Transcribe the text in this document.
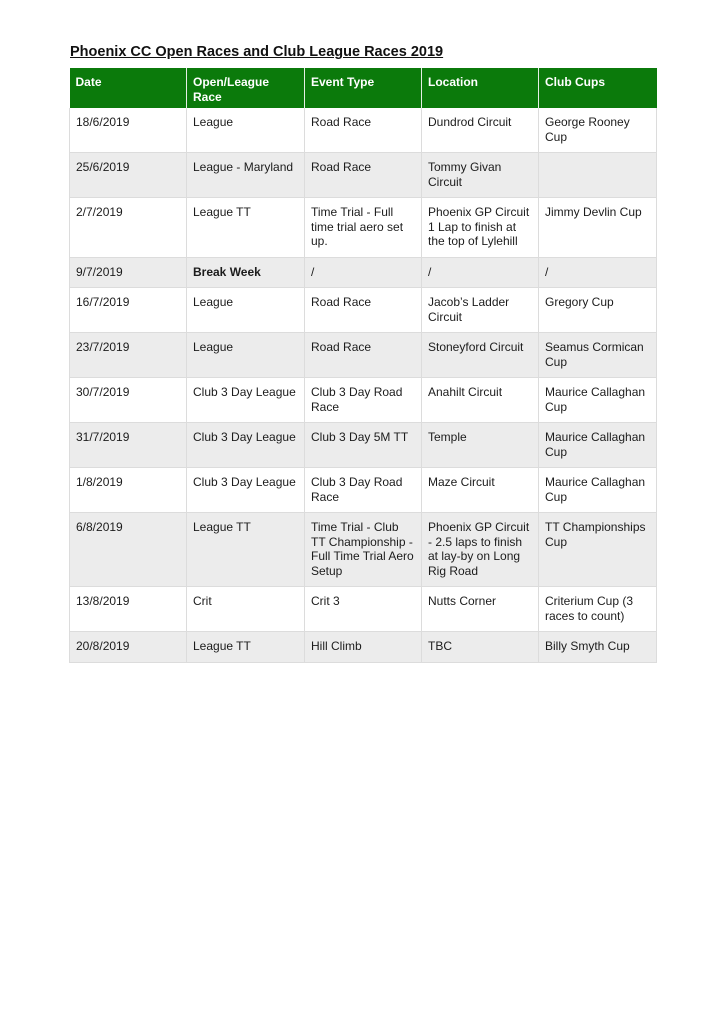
Phoenix CC Open Races and Club League Races 2019
Date	Open/League Race	Event Type	Location	Club Cups
18/6/2019	League	Road Race	Dundrod Circuit	George Rooney Cup
25/6/2019	League - Maryland	Road Race	Tommy Givan Circuit	
2/7/2019	League TT	Time Trial - Full time trial aero set up.	Phoenix GP Circuit 1 Lap to finish at the top of Lylehill	Jimmy Devlin Cup
9/7/2019	Break Week	/	/	/
16/7/2019	League	Road Race	Jacob’s Ladder Circuit	Gregory Cup
23/7/2019	League	Road Race	Stoneyford Circuit	Seamus Cormican Cup
30/7/2019	Club 3 Day League	Club 3 Day Road Race	Anahilt Circuit	Maurice Callaghan Cup
31/7/2019	Club 3 Day League	Club 3 Day 5M TT	Temple	Maurice Callaghan Cup
1/8/2019	Club 3 Day League	Club 3 Day Road Race	Maze Circuit	Maurice Callaghan Cup
6/8/2019	League TT	Time Trial - Club TT Championship - Full Time Trial Aero Setup	Phoenix GP Circuit - 2.5 laps to finish at lay-by on Long Rig Road	TT Championships Cup
13/8/2019	Crit	Crit 3	Nutts Corner	Criterium Cup (3 races to count)
20/8/2019	League TT	Hill Climb	TBC	Billy Smyth Cup
